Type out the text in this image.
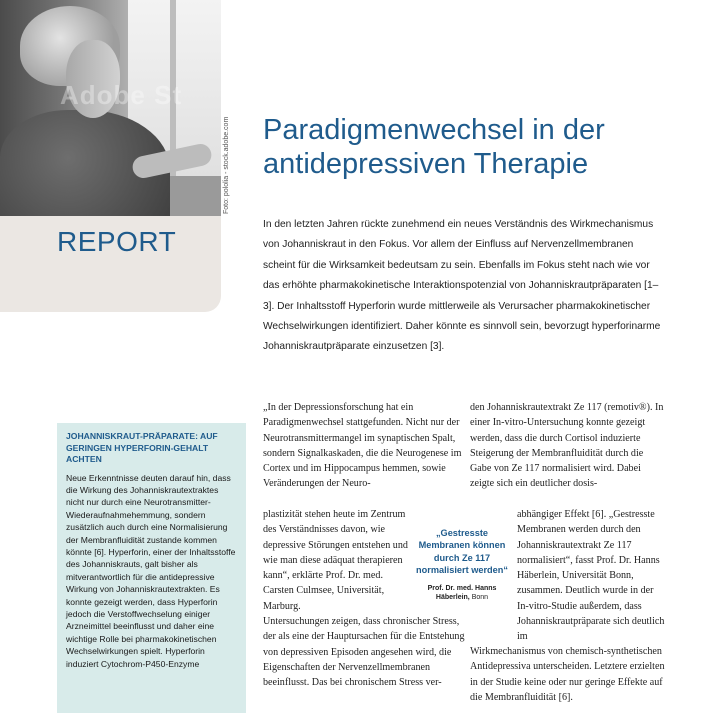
Adobe St
Foto: pololia - stock.adobe.com
REPORT
Paradigmenwechsel in der antidepressiven Therapie

In den letzten Jahren rückte zunehmend ein neues Verständnis des Wirkmechanismus von Johanniskraut in den Fokus. Vor allem der Einfluss auf Nervenzellmembranen scheint für die Wirksamkeit bedeutsam zu sein. Ebenfalls im Fokus steht nach wie vor das erhöhte pharmakokinetische Interaktionspotenzial von Johanniskrautpräparaten [1–3]. Der Inhaltsstoff Hyperforin wurde mittlerweile als Verursacher pharmakokinetischer Wechselwirkungen identifiziert. Daher könnte es sinnvoll sein, bevorzugt hyperforinarme Johanniskrautpräparate einzusetzen [3].

JOHANNISKRAUT-PRÄPARATE: AUF GERINGEN HYPERFORIN-GEHALT ACHTEN

Neue Erkenntnisse deuten darauf hin, dass die Wirkung des Johanniskrautextraktes nicht nur durch eine Neurotransmitter-Wiederaufnahmehemmung, sondern zusätzlich auch durch eine Normalisierung der Membranfluidität zustande kommen könnte [6]. Hyperforin, einer der Inhaltsstoffe des Johanniskrauts, galt bisher als mitverantwortlich für die antidepressive Wirkung von Johanniskrautextrakten. Es konnte gezeigt werden, dass Hyperforin jedoch die Verstoffwechselung einiger Arzneimittel beeinflusst und daher eine wichtige Rolle bei pharmakokinetischen Wechselwirkungen spielt. Hyperforin induziert Cytochrom-P450-Enzyme

„In der Depressionsforschung hat ein Paradigmenwechsel stattgefunden. Nicht nur der Neurotransmittermangel im synaptischen Spalt, sondern Signalkaskaden, die die Neurogenese im Cortex und im Hippocampus hemmen, sowie Veränderungen der Neuro-

plastizität stehen heute im Zentrum des Verständnisses davon, wie depressive Störungen entstehen und wie man diese adäquat therapieren kann“, erklärte Prof. Dr. med. Carsten Culmsee, Universität, Marburg.

Untersuchungen zeigen, dass chronischer Stress, der als eine der Hauptursachen für die Entstehung von depressiven Episoden angesehen wird, die Eigenschaften der Nervenzellmembranen beeinflusst. Das bei chronischem Stress ver-

den Johanniskrautextrakt Ze 117 (remotiv®). In einer In-vitro-Untersuchung konnte gezeigt werden, dass die durch Cortisol induzierte Steigerung der Membranfluidität durch die Gabe von Ze 117 normalisiert wird. Dabei zeigte sich ein deutlicher dosis-

abhängiger Effekt [6]. „Gestresste Membranen werden durch den Johanniskrautextrakt Ze 117 normalisiert“, fasst Prof. Dr. Hanns Häberlein, Universität Bonn, zusammen. Deutlich wurde in der In-vitro-Studie außerdem, dass Johanniskrautpräparate sich deutlich im

Wirkmechanismus von chemisch-synthetischen Antidepressiva unterscheiden. Letztere erzielten in der Studie keine oder nur geringe Effekte auf die Membranfluidität [6].

„Gestresste Membranen können durch Ze 117 normalisiert werden“

Prof. Dr. med. Hanns Häberlein, Bonn
